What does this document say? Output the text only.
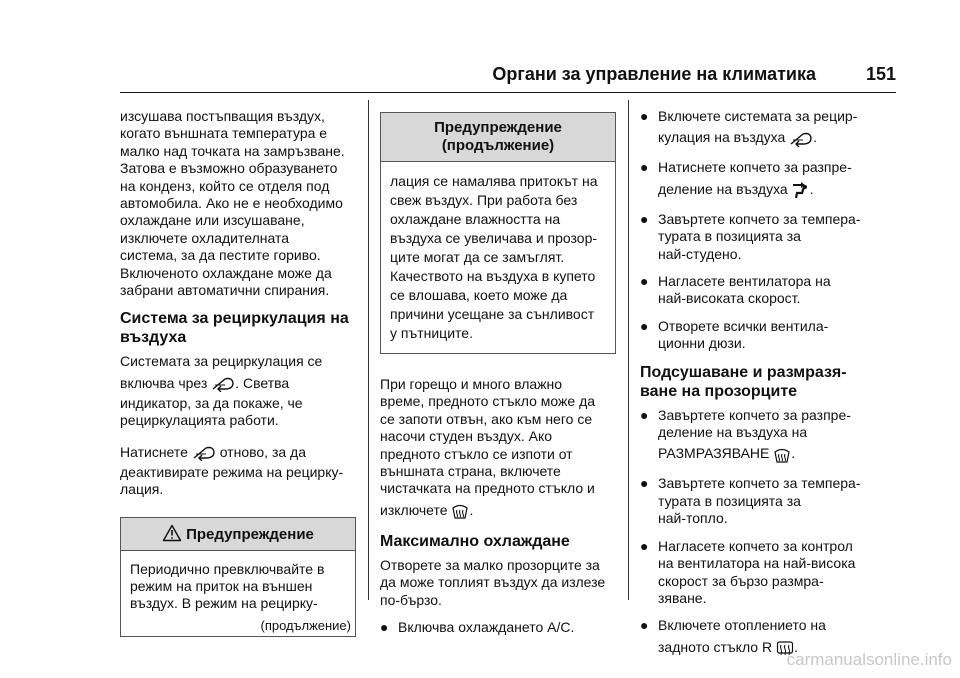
Органи за управление на климатика	151

изсушава постъпващия въздух,
когато външната температура е
малко над точката на замръзване.
Затова е възможно образуването
на конденз, който се отделя под
автомобила. Ако не е необходимо
охлаждане или изсушаване,
изключете охладителната
система, за да пестите гориво.
Включеното охлаждане може да
забрани автоматични спирания.

Система за рециркулация на
въздуха

Системата за рециркулация се
включва чрез . Светва
индикатор, за да покаже, че
рециркулацията работи.

Натиснете отново, за да
деактивирате режима на рецирку-
лация.

Предупреждение
Периодично превключвайте в
режим на приток на външен
въздух. В режим на рецирку-
(продължение)
Предупреждение
(продължение)
лация се намалява притокът на
свеж въздух. При работа без
охлаждане влажността на
въздуха се увеличава и прозор-
ците могат да се замъглят.
Качеството на въздуха в купето
се влошава, което може да
причини усещане за сънливост
у пътниците.

При горещо и много влажно
време, предното стъкло може да
се запоти отвън, ако към него се
насочи студен въздух. Ако
предното стъкло се изпоти от
външната страна, включете
чистачката на предното стъкло и
изключете .

Максимално охлаждане

Отворете за малко прозорците за
да може топлият въздух да излезе
по-бързо.

● Включва охлаждането A/C.
● Включете системата за рецир-
кулация на въздуха .
● Натиснете копчето за разпре-
деление на въздуха .
● Завъртете копчето за темпера-
турата в позицията за
най-студено.
● Нагласете вентилатора на
най-високата скорост.
● Отворете всички вентила-
ционни дюзи.
Подсушаване и размразя-
ване на прозорците
● Завъртете копчето за разпре-
деление на въздуха на
РАЗМРАЗЯВАНЕ .
● Завъртете копчето за темпера-
турата в позицията за
най-топло.
● Нагласете копчето за контрол
на вентилатора на най-висока
скорост за бързо размра-
зяване.
● Включете отоплението на
задното стъкло R .
carmanualsonline.info
